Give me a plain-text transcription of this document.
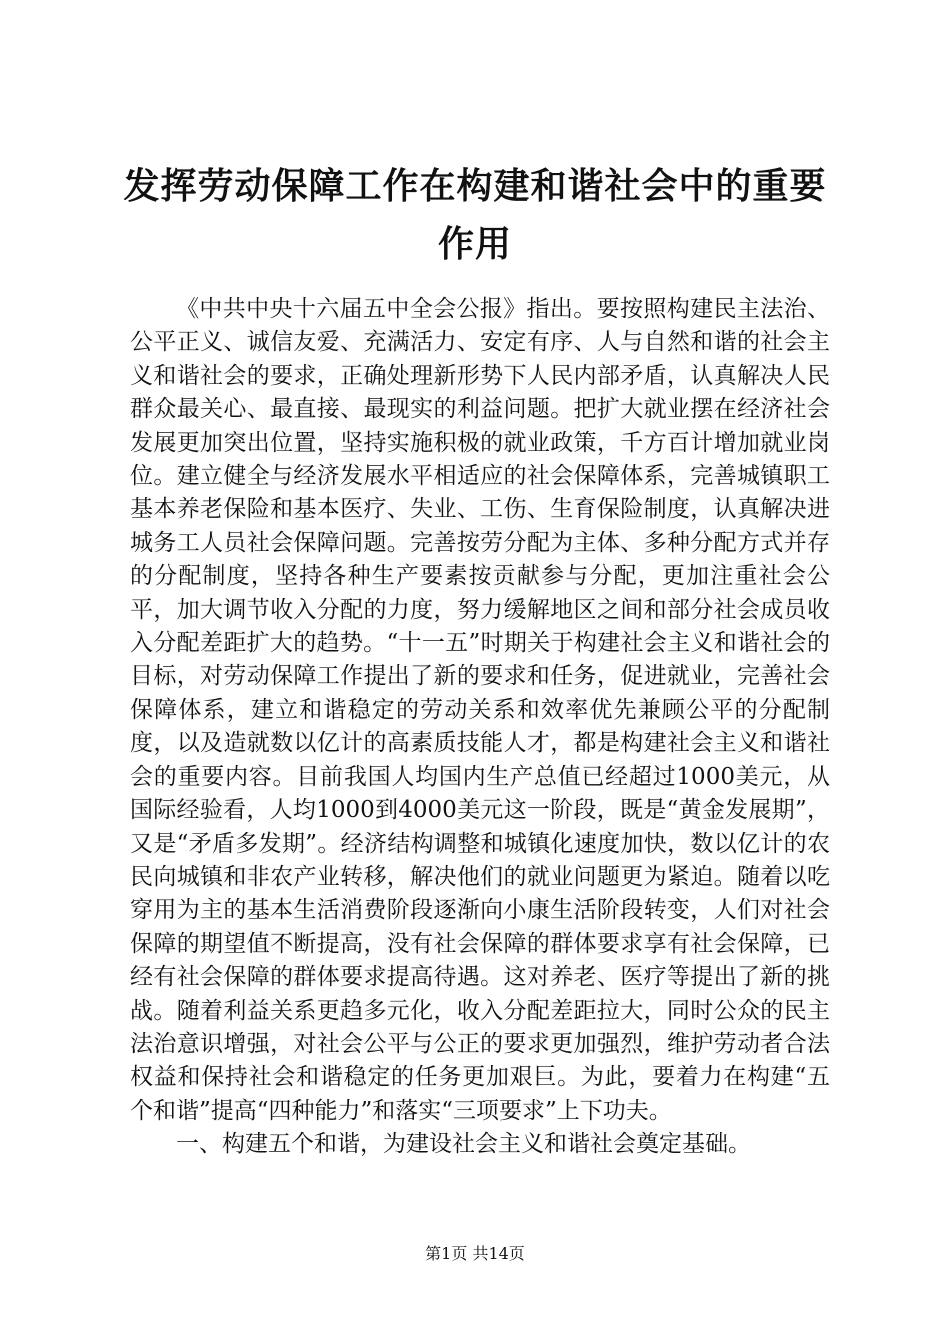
发挥劳动保障工作在构建和谐社会中的重要作用

《中共中央十六届五中全会公报》指出。要按照构建民主法治、公平正义、诚信友爱、充满活力、安定有序、人与自然和谐的社会主义和谐社会的要求，正确处理新形势下人民内部矛盾，认真解决人民群众最关心、最直接、最现实的利益问题。把扩大就业摆在经济社会发展更加突出位置，坚持实施积极的就业政策，千方百计增加就业岗位。建立健全与经济发展水平相适应的社会保障体系，完善城镇职工基本养老保险和基本医疗、失业、工伤、生育保险制度，认真解决进城务工人员社会保障问题。完善按劳分配为主体、多种分配方式并存的分配制度，坚持各种生产要素按贡献参与分配，更加注重社会公平，加大调节收入分配的力度，努力缓解地区之间和部分社会成员收入分配差距扩大的趋势。“十一五”时期关于构建社会主义和谐社会的目标，对劳动保障工作提出了新的要求和任务，促进就业，完善社会保障体系，建立和谐稳定的劳动关系和效率优先兼顾公平的分配制度，以及造就数以亿计的高素质技能人才，都是构建社会主义和谐社会的重要内容。目前我国人均国内生产总值已经超过1000美元，从国际经验看，人均1000到4000美元这一阶段，既是“黄金发展期”，又是“矛盾多发期”。经济结构调整和城镇化速度加快，数以亿计的农民向城镇和非农产业转移，解决他们的就业问题更为紧迫。随着以吃穿用为主的基本生活消费阶段逐渐向小康生活阶段转变，人们对社会保障的期望值不断提高，没有社会保障的群体要求享有社会保障，已经有社会保障的群体要求提高待遇。这对养老、医疗等提出了新的挑战。随着利益关系更趋多元化，收入分配差距拉大，同时公众的民主法治意识增强，对社会公平与公正的要求更加强烈，维护劳动者合法权益和保持社会和谐稳定的任务更加艰巨。为此，要着力在构建“五个和谐”提高“四种能力”和落实“三项要求”上下功夫。

一、构建五个和谐，为建设社会主义和谐社会奠定基础。

第1页 共14页
